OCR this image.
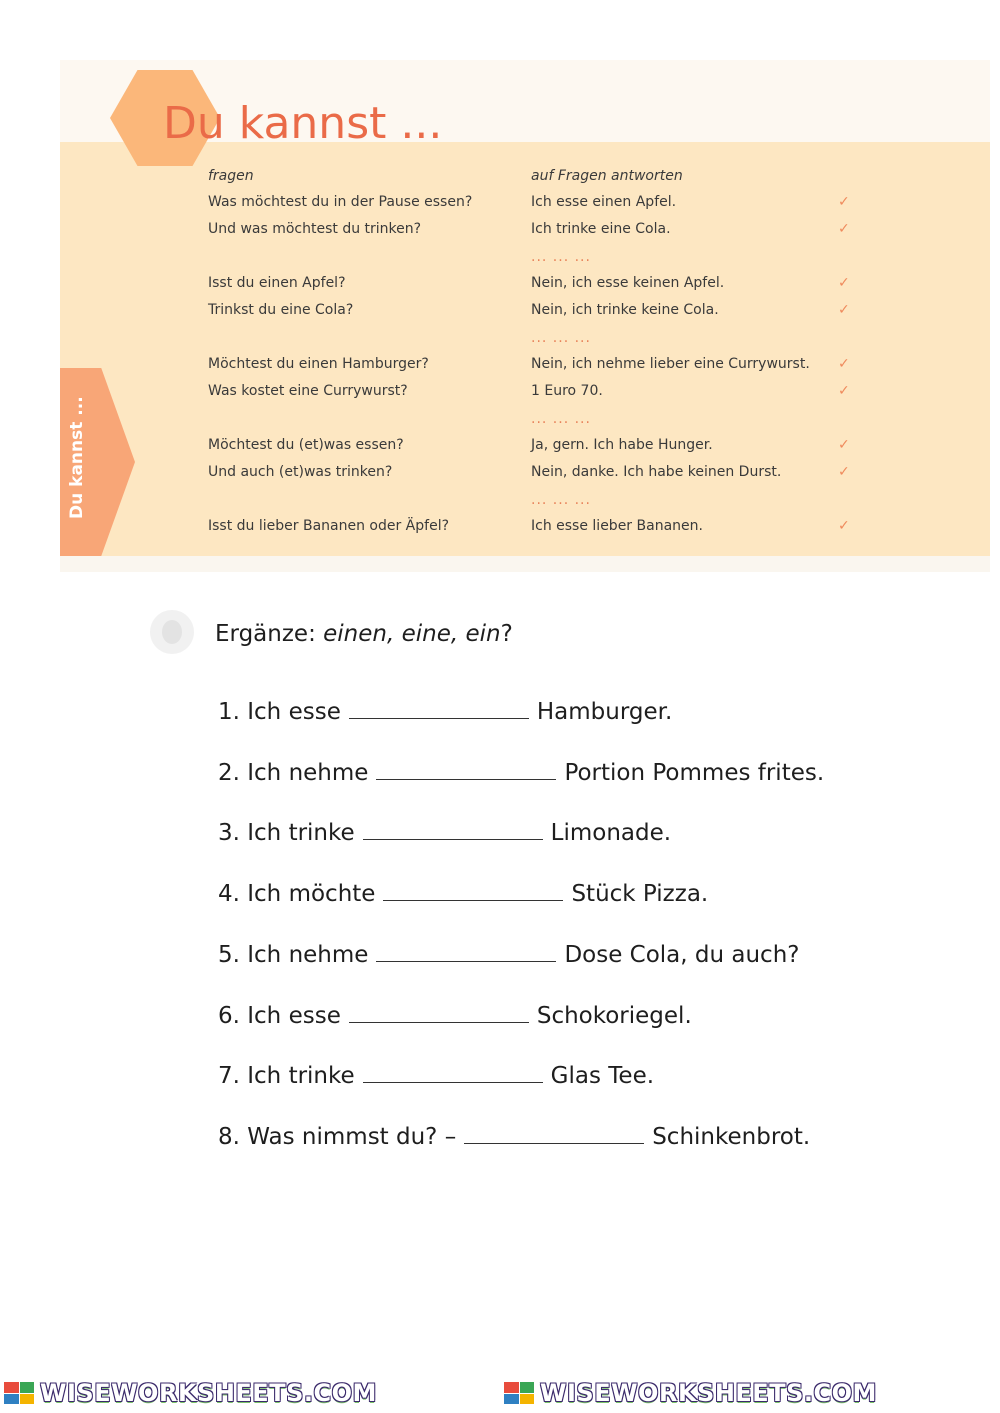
Du kannst ...

Du kannst ...

fragen	auf Fragen antworten

Was möchtest du in der Pause essen?	Ich esse einen Apfel.	✓

Und was möchtest du trinken?	Ich trinke eine Cola.	✓
... ... ...

Isst du einen Apfel?	Nein, ich esse keinen Apfel.	✓

Trinkst du eine Cola?	Nein, ich trinke keine Cola.	✓
... ... ...

Möchtest du einen Hamburger?	Nein, ich nehme lieber eine Currywurst. ✓

Was kostet eine Currywurst?	1 Euro 70.	✓
... ... ...

Möchtest du (et)was essen?	Ja, gern. Ich habe Hunger.	✓

Und auch (et)was trinken?	Nein, danke. Ich habe keinen Durst.	✓
... ... ...

Isst du lieber Bananen oder Äpfel?	Ich esse lieber Bananen.	✓

Ergänze: einen, eine, ein?

1. Ich esse	Hamburger.

2. Ich nehme	Portion Pommes frites.

3. Ich trinke	Limonade.

4. Ich möchte	Stück Pizza.

5. Ich nehme	Dose Cola, du auch?

6. Ich esse	Schokoriegel.

7. Ich trinke	Glas Tee.

8. Was nimmst du? –	Schinkenbrot.

WISEWORKSHEETS.COM	WISEWORKSHEETS.COM
